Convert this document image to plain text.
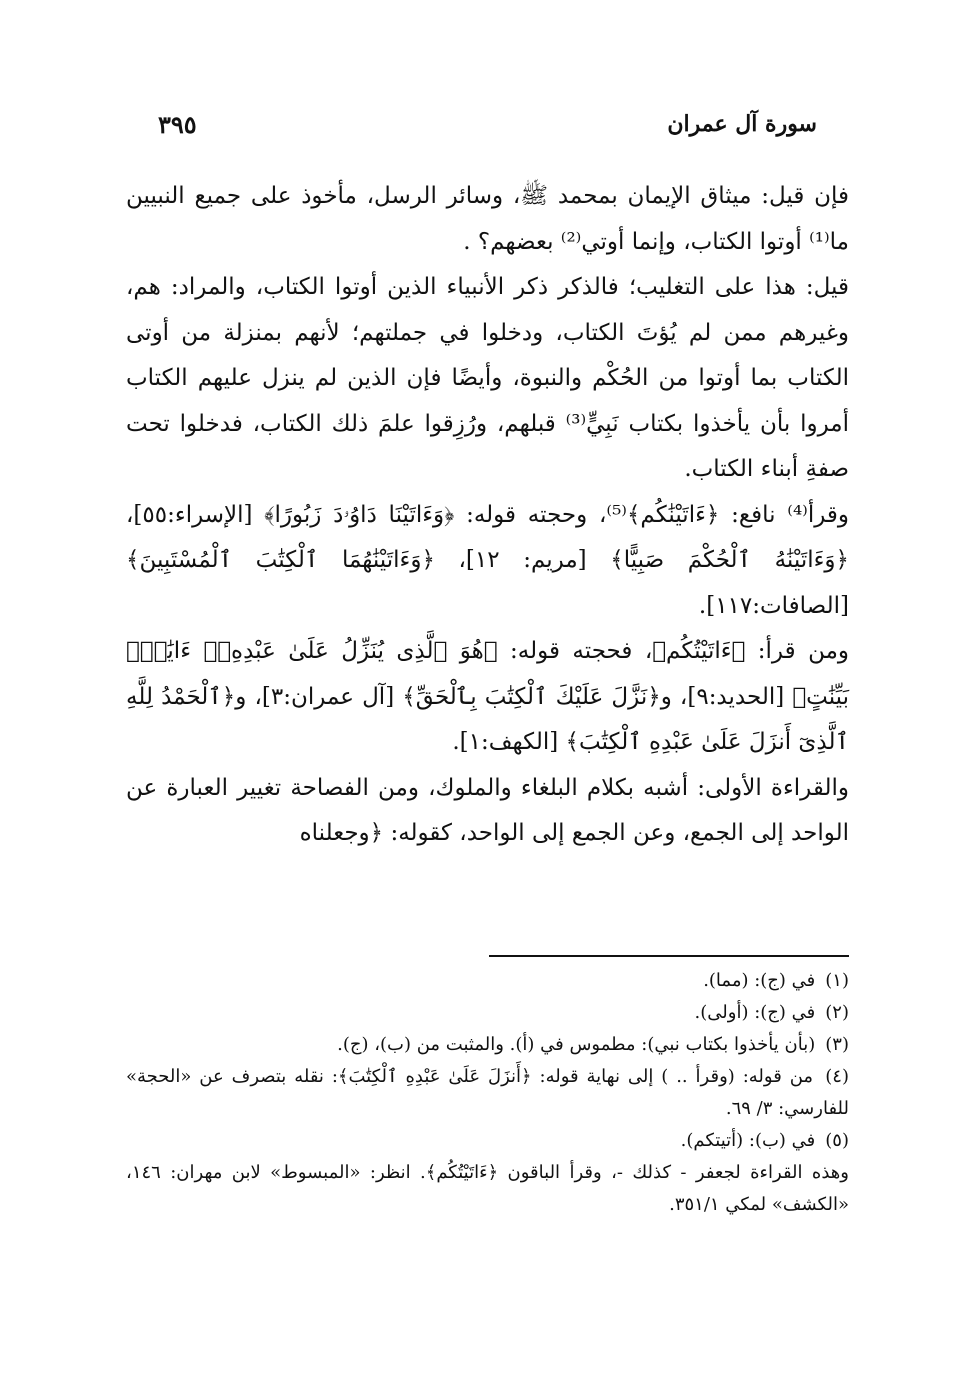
سورة آل عمران
٣٩٥

فإن قيل: ميثاق الإيمان بمحمد ﷺ، وسائر الرسل، مأخوذ على جميع النبيين ما⁽¹⁾ أوتوا الكتاب، وإنما أوتي⁽²⁾ بعضهم؟ .

قيل: هذا على التغليب؛ فالذكر ذكر الأنبياء الذين أوتوا الكتاب، والمراد: هم، وغيرهم ممن لم يُؤتَ الكتاب، ودخلوا في جملتهم؛ لأنهم بمنزلة من أوتى الكتاب بما أوتوا من الحُكْم والنبوة، وأيضًا فإن الذين لم ينزل عليهم الكتاب أمروا بأن يأخذوا بكتاب نَبِيٍّ⁽³⁾ قبلهم، ورُزِقوا علمَ ذلك الكتاب، فدخلوا تحت صفةِ أبناء الكتاب.

وقرأ⁽⁴⁾ نافع: ﴿ءَاتَيْنَٰكُم﴾⁽⁵⁾، وحجته قوله: ﴿وَءَاتَيْنَا دَاوُۥدَ زَبُورًا﴾ [الإسراء:٥٥]، ﴿وَءَاتَيْنَٰهُ ٱلْحُكْمَ صَبِيًّا﴾ [مريم: ١٢]، ﴿وَءَاتَيْنَٰهُمَا ٱلْكِتَٰبَ ٱلْمُسْتَبِينَ﴾ [الصافات:١١٧].

ومن قرأ: ﴿ءَاتَيْتُكُم﴾، فحجته قوله: ﴿هُوَ ٱلَّذِى يُنَزِّلُ عَلَىٰ عَبْدِهِۦٓ ءَايَٰتٍۭ بَيِّنَٰتٍ﴾ [الحديد:٩]، و﴿نَزَّلَ عَلَيْكَ ٱلْكِتَٰبَ بِٱلْحَقِّ﴾ [آل عمران:٣]، و﴿ٱلْحَمْدُ لِلَّهِ ٱلَّذِىٓ أَنزَلَ عَلَىٰ عَبْدِهِ ٱلْكِتَٰبَ﴾ [الكهف:١].

والقراءة الأولى: أشبه بكلام البلغاء والملوك، ومن الفصاحة تغيير العبارة عن الواحد إلى الجمع، وعن الجمع إلى الواحد، كقوله: ﴿وجعلناه

(١) في (ج): (مما).
(٢) في (ج): (أولى).
(٣) (بأن يأخذوا بكتاب نبي): مطموس في (أ). والمثبت من (ب)، (ج).
(٤) من قوله: (وقرأ .. ) إلى نهاية قوله: ﴿أَنزَلَ عَلَىٰ عَبْدِهِ ٱلْكِتَٰبَ﴾: نقله بتصرف عن «الحجة» للفارسي: ٣/ ٦٩.
(٥) في (ب): (أتيتكم).
وهذه القراءة لجعفر - كذلك -، وقرأ الباقون ﴿ءَاتَيْتُكُم﴾. انظر: «المبسوط» لابن مهران: ١٤٦، «الكشف» لمكي ٣٥١/١.
